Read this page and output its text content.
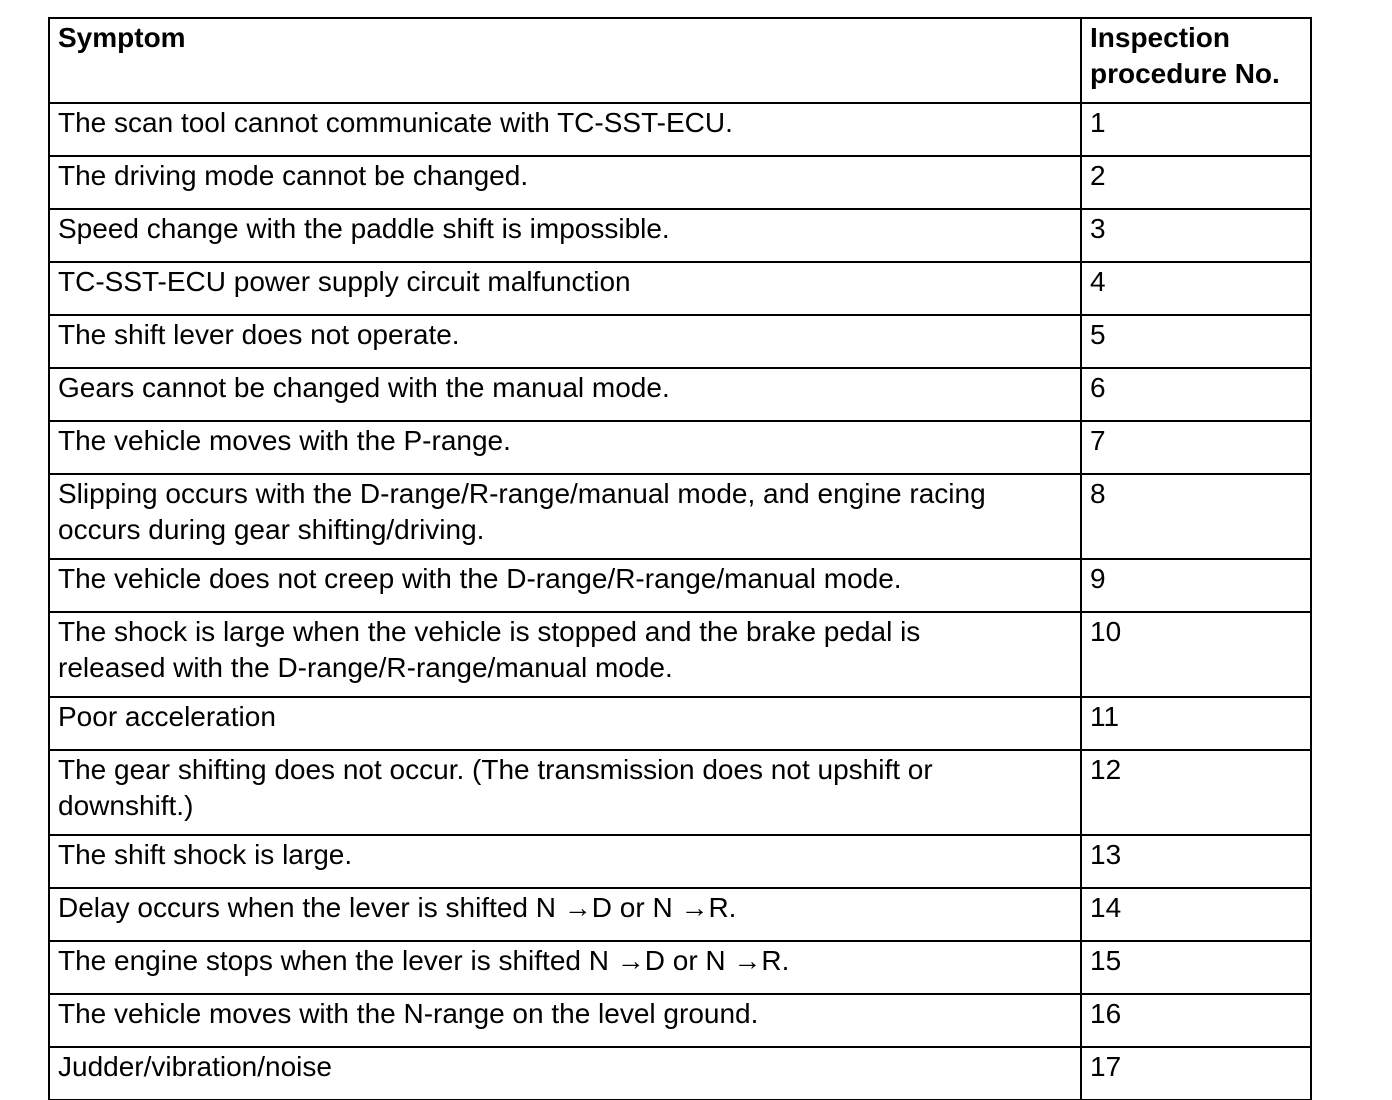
Symptom	Inspection
procedure No.
The scan tool cannot communicate with TC-SST-ECU.	1
The driving mode cannot be changed.	2
Speed change with the paddle shift is impossible.	3
TC-SST-ECU power supply circuit malfunction	4
The shift lever does not operate.	5
Gears cannot be changed with the manual mode.	6
The vehicle moves with the P-range.	7
Slipping occurs with the D-range/R-range/manual mode, and engine racing
occurs during gear shifting/driving.	8
The vehicle does not creep with the D-range/R-range/manual mode.	9
The shock is large when the vehicle is stopped and the brake pedal is
released with the D-range/R-range/manual mode.	10
Poor acceleration	11
The gear shifting does not occur. (The transmission does not upshift or
downshift.)	12
The shift shock is large.	13
Delay occurs when the lever is shifted N →D or N →R.	14
The engine stops when the lever is shifted N →D or N →R.	15
The vehicle moves with the N-range on the level ground.	16
Judder/vibration/noise	17
